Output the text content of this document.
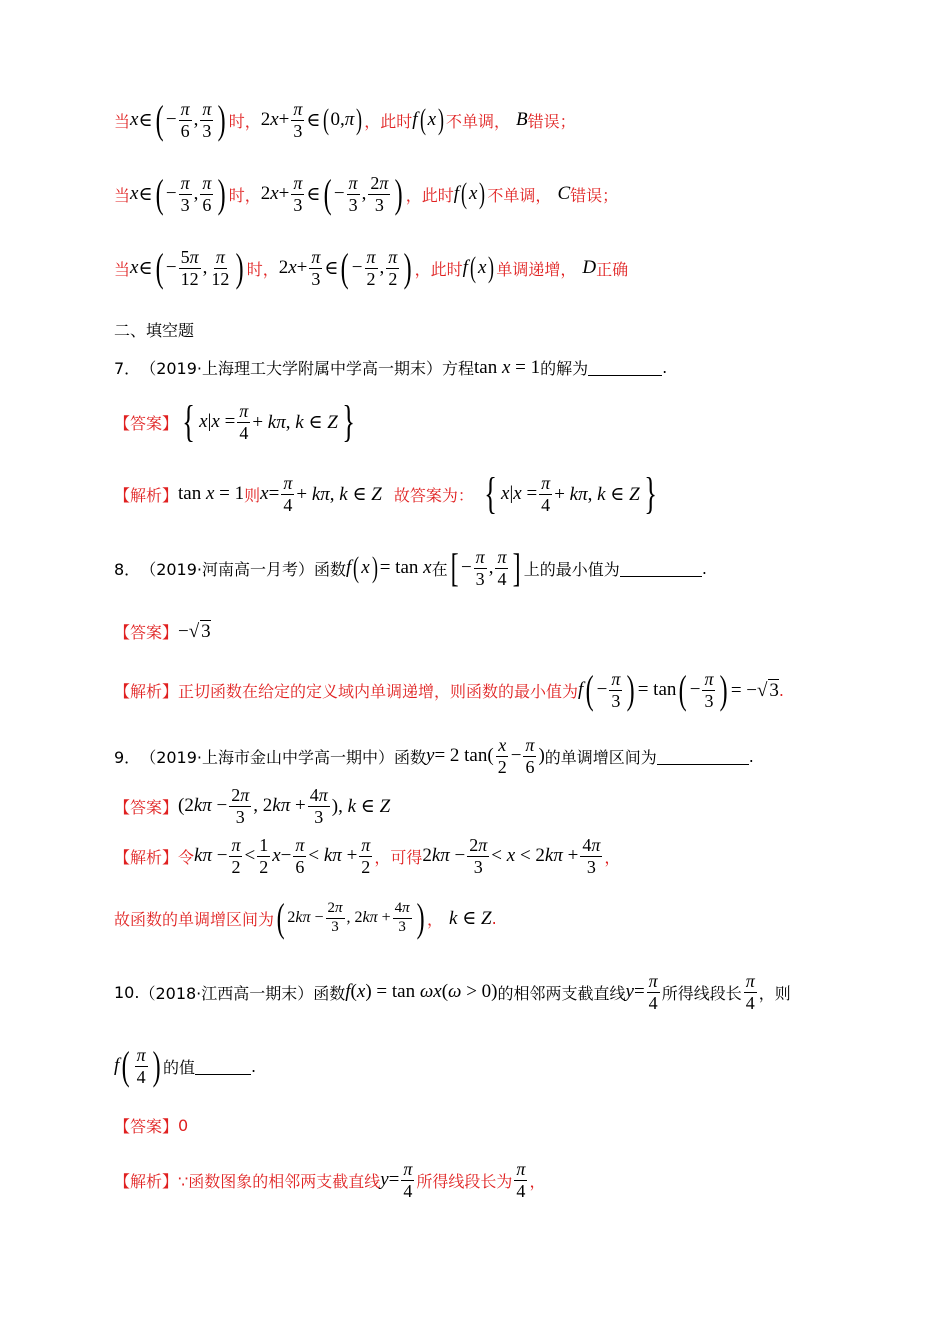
当 x ∈ ( − $\frac{\pi}{6}$ , $\frac{\pi}{3}$ ) 时， $2x+ \frac{\pi}{3}$ ∈ ( 0,π ) ，此时 f ( x ) 不单调， B 错误；
当 x ∈ ( − $\frac{\pi}{3}$ , $\frac{\pi}{6}$ ) 时， $2x+ \frac{\pi}{3}$ ∈ ( − $\frac{\pi}{3}$ , $\frac{2\pi}{3}$ ) ，此时 f ( x ) 不单调， C 错误；
当 x ∈ ( − $\frac{5\pi}{12}$ , $\frac{\pi}{12}$ ) 时， $2x+ \frac{\pi}{3}$ ∈ ( − $\frac{\pi}{2}$ , $\frac{\pi}{2}$ ) ，此时 f ( x ) 单调递增， D 正确
二、填空题
7． （2019·上海理工大学附属中学高一期末）方程 tan x = 1 的解为	.
【答案】 { $x|x = \frac{\pi}{4} + k\pi$, k ∈ Z }
【解析】 tan x = 1 则 $x = \frac{\pi}{4} + k\pi$, k ∈ Z 故答案为： { $x|x = \frac{\pi}{4} + k\pi$, k ∈ Z }
8． （2019·河南高一月考）函数 f ( x ) = tan x 在 [ − $\frac{\pi}{3}$ , $\frac{\pi}{4}$ ] 上的最小值为	.
【答案】 −√ 3
【解析】 正切函数在给定的定义域内单调递增，则函数的最小值为 f ( − $\frac{\pi}{3}$ ) = tan ( − $\frac{\pi}{3}$ ) = −√ 3 .
9． （2019·上海市金山中学高一期中）函数 y = 2 $\tan( \frac{x}{2} - \frac{\pi}{6}$ ) 的单调增区间为	.
【答案】 ($2k\pi - \frac{2\pi}{3}$ , $2k\pi + \frac{4\pi}{3}$ ), k ∈ Z
【解析】 令 $k\pi - \frac{\pi}{2} < \frac{1}{2}$ $x - \frac{\pi}{6} < k\pi + \frac{\pi}{2}$ ，可得 $2k\pi - \frac{2\pi}{3} < x < 2k\pi + \frac{4\pi}{3}$ ，
故函数的单调增区间为 ( $2k\pi - \frac{2\pi}{3}$ , $2k\pi + \frac{4\pi}{3}$ ) ， k ∈ Z .
10. （2018·江西高一期末）函数 f(x) = tan ωx(ω > 0) 的相邻两支截直线 $y = \frac{\pi}{4}$ 所得线段长 $\frac{\pi}{4}$ ，则
f ( $\frac{\pi}{4}$ ) 的值	.
【答案】 0
【解析】 ∵函数图象的相邻两支截直线 $y = \frac{\pi}{4}$ 所得线段长为 $\frac{\pi}{4}$ ，
